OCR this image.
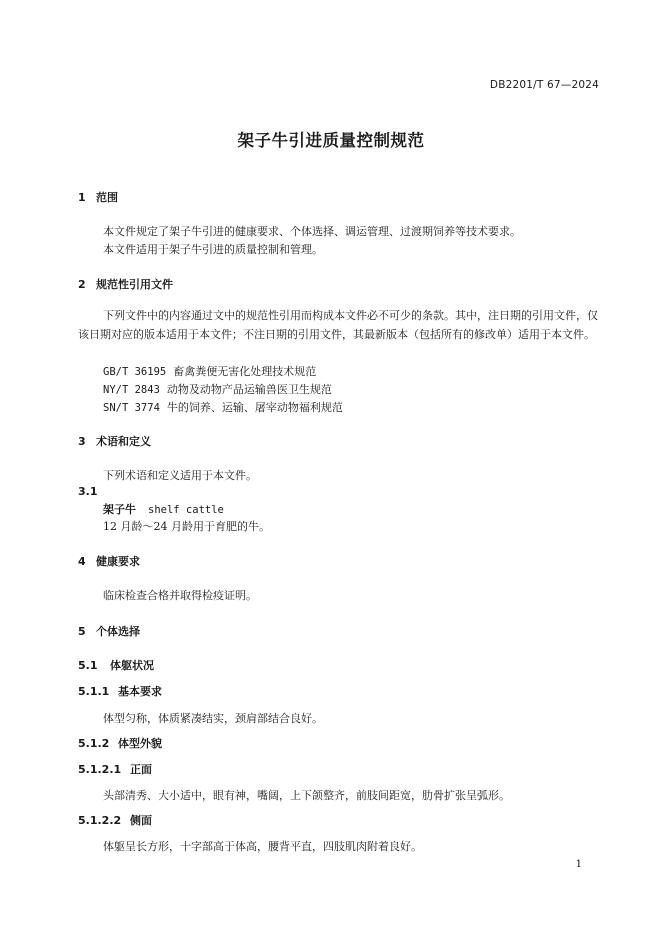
DB2201/T 67—2024
架子牛引进质量控制规范
1 范围
本文件规定了架子牛引进的健康要求、个体选择、调运管理、过渡期饲养等技术要求。
本文件适用于架子牛引进的质量控制和管理。
2 规范性引用文件
下列文件中的内容通过文中的规范性引用而构成本文件必不可少的条款。其中，注日期的引用文件，仅该日期对应的版本适用于本文件；不注日期的引用文件，其最新版本（包括所有的修改单）适用于本文件。
GB/T 36195 畜禽粪便无害化处理技术规范
NY/T 2843 动物及动物产品运输兽医卫生规范
SN/T 3774 牛的饲养、运输、屠宰动物福利规范
3 术语和定义
下列术语和定义适用于本文件。
3.1
架子牛 shelf cattle
12 月龄～24 月龄用于育肥的牛。
4 健康要求
临床检查合格并取得检疫证明。
5 个体选择
5.1 体躯状况
5.1.1 基本要求
体型匀称，体质紧凑结实，颈肩部结合良好。
5.1.2 体型外貌
5.1.2.1 正面
头部清秀、大小适中，眼有神，嘴阔，上下颌整齐，前肢间距宽，肋骨扩张呈弧形。
5.1.2.2 侧面
体躯呈长方形，十字部高于体高，腰背平直，四肢肌肉附着良好。
1
